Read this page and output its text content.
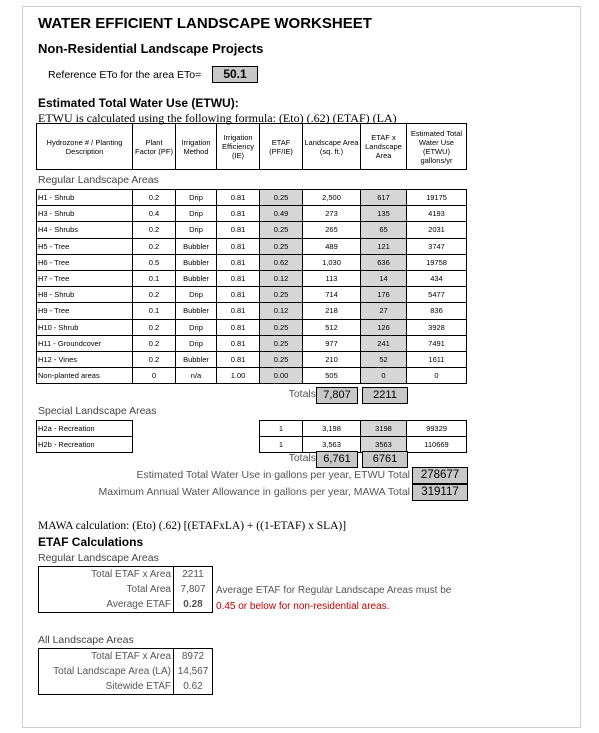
WATER EFFICIENT LANDSCAPE WORKSHEET
Non-Residential Landscape Projects
Reference ETo for the area ETo=	50.1
Estimated Total Water Use (ETWU):
ETWU is calculated using the following formula: (Eto) (.62) (ETAF) (LA)
Hydrozone # / Planting Description	Plant Factor (PF)	Irrigation Method	Irrigation Efficiency (IE)	ETAF (PF/IE)	Landscape Area (sq. ft.)	ETAF x Landscape Area	Estimated Total Water Use (ETWU) gallons/yr
Regular Landscape Areas
H1 - Shrub	0.2	Drip	0.81	0.25	2,500	617	19175
H3 - Shrub	0.4	Drip	0.81	0.49	273	135	4193
H4 - Shrubs	0.2	Drip	0.81	0.25	265	65	2031
H5 - Tree	0.2	Bubbler	0.81	0.25	489	121	3747
H6 - Tree	0.5	Bubbler	0.81	0.62	1,030	636	19758
H7 - Tree	0.1	Bubbler	0.81	0.12	113	14	434
H8 - Shrub	0.2	Drip	0.81	0.25	714	176	5477
H9 - Tree	0.1	Bubbler	0.81	0.12	218	27	836
H10 - Shrub	0.2	Drip	0.81	0.25	512	126	3928
H11 - Groundcover	0.2	Drip	0.81	0.25	977	241	7491
H12 - Vines	0.2	Bubbler	0.81	0.25	210	52	1611
Non-planted areas	0	n/a	1.00	0.00	505	0	0
Totals 7,807	2211
Special Landscape Areas
H2a - Recreation				1	3,198	3198	99329
H2b - Recreation				1	3,563	3563	110669
Totals 6,761	6761
Estimated Total Water Use in gallons per year, ETWU Total 278677
Maximum Annual Water Allowance in gallons per year, MAWA Total 319117
MAWA calculation: (Eto) (.62) [(ETAFxLA) + ((1-ETAF) x SLA)]
ETAF Calculations
Regular Landscape Areas
Total ETAF x Area	2211
Total Area	7,807
Average ETAF	0.28
Average ETAF for Regular Landscape Areas must be
0.45 or below for non-residential areas.
All Landscape Areas
Total ETAF x Area	8972
Total Landscape Area (LA)	14,567
Sitewide ETAF	0.62
